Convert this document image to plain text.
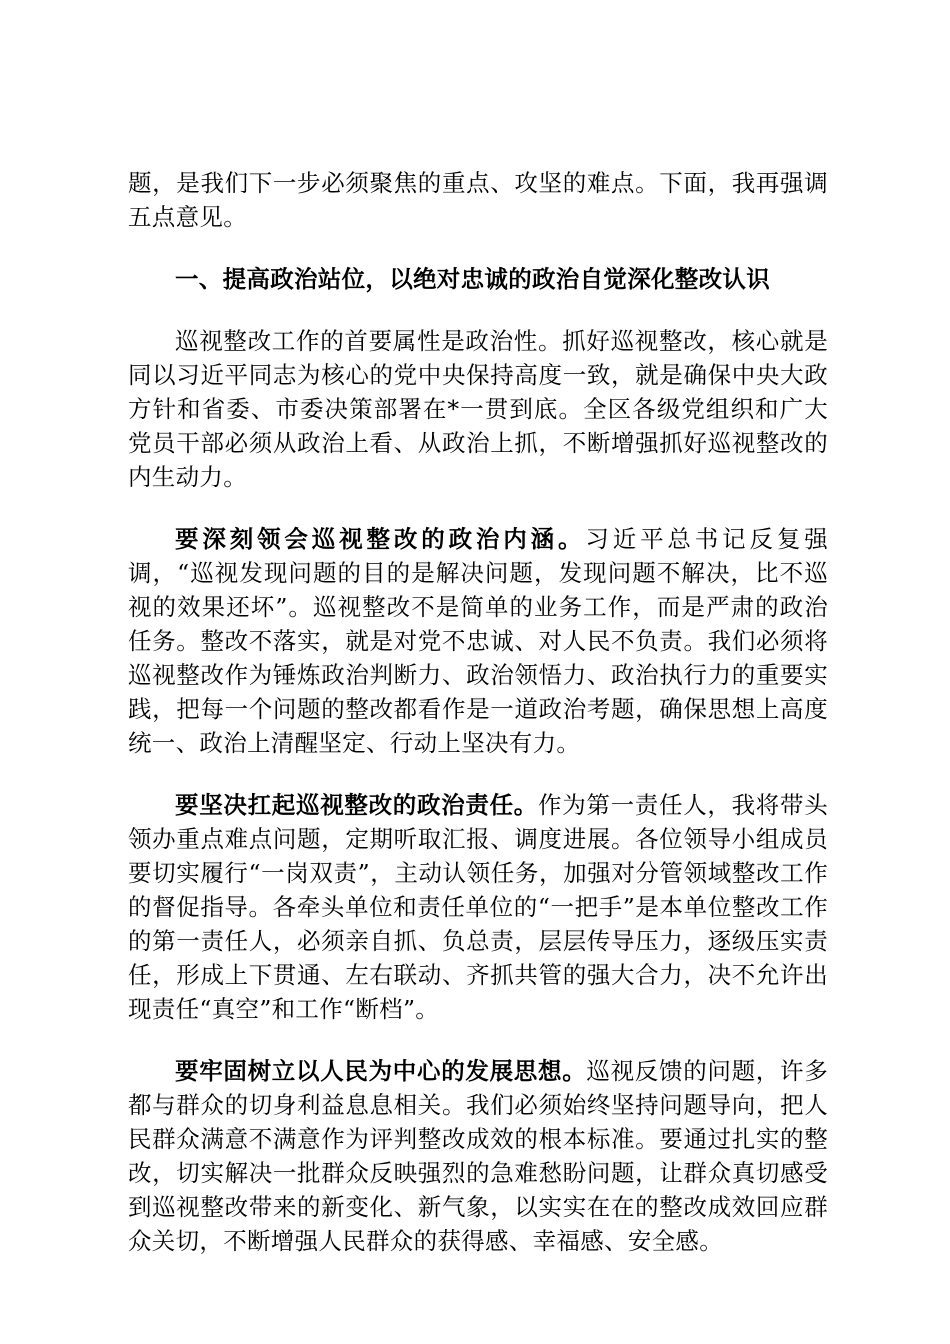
题，是我们下一步必须聚焦的重点、攻坚的难点。下面，我再强调五点意见。

一、提高政治站位，以绝对忠诚的政治自觉深化整改认识

巡视整改工作的首要属性是政治性。抓好巡视整改，核心就是同以习近平同志为核心的党中央保持高度一致，就是确保中央大政方针和省委、市委决策部署在*一贯到底。全区各级党组织和广大党员干部必须从政治上看、从政治上抓，不断增强抓好巡视整改的内生动力。

要深刻领会巡视整改的政治内涵。习近平总书记反复强调，“巡视发现问题的目的是解决问题，发现问题不解决，比不巡视的效果还坏”。巡视整改不是简单的业务工作，而是严肃的政治任务。整改不落实，就是对党不忠诚、对人民不负责。我们必须将巡视整改作为锤炼政治判断力、政治领悟力、政治执行力的重要实践，把每一个问题的整改都看作是一道政治考题，确保思想上高度统一、政治上清醒坚定、行动上坚决有力。

要坚决扛起巡视整改的政治责任。作为第一责任人，我将带头领办重点难点问题，定期听取汇报、调度进展。各位领导小组成员要切实履行“一岗双责”，主动认领任务，加强对分管领域整改工作的督促指导。各牵头单位和责任单位的“一把手”是本单位整改工作的第一责任人，必须亲自抓、负总责，层层传导压力，逐级压实责任，形成上下贯通、左右联动、齐抓共管的强大合力，决不允许出现责任“真空”和工作“断档”。

要牢固树立以人民为中心的发展思想。巡视反馈的问题，许多都与群众的切身利益息息相关。我们必须始终坚持问题导向，把人民群众满意不满意作为评判整改成效的根本标准。要通过扎实的整改，切实解决一批群众反映强烈的急难愁盼问题，让群众真切感受到巡视整改带来的新变化、新气象，以实实在在的整改成效回应群众关切，不断增强人民群众的获得感、幸福感、安全感。
